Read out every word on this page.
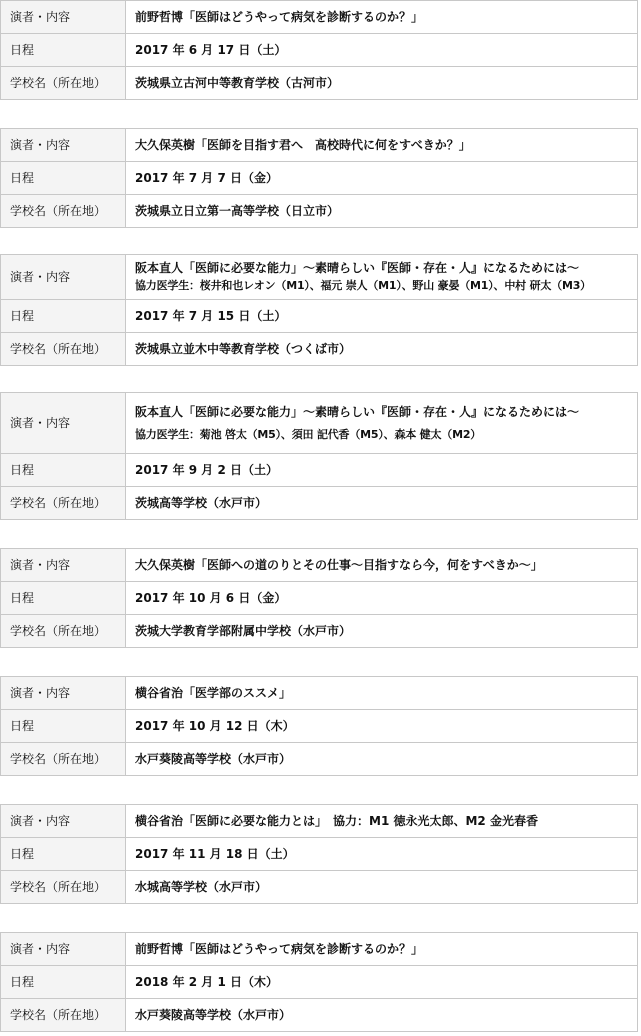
演者・内容	前野哲博「医師はどうやって病気を診断するのか？」

日程	2017 年 6 月 17 日（土）
学校名（所在地）	茨城県立古河中等教育学校（古河市）
演者・内容	大久保英樹「医師を目指す君へ　高校時代に何をすべきか？」

日程	2017 年 7 月 7 日（金）
学校名（所在地）	茨城県立日立第一高等学校（日立市）
演者・内容	阪本直人「医師に必要な能力」～素晴らしい『医師・存在・人』になるためには～
協力医学生：桜井和也レオン（M1）、福元 崇人（M1）、野山 豪晏（M1）、中村 研太（M3）

日程	2017 年 7 月 15 日（土）
学校名（所在地）	茨城県立並木中等教育学校（つくば市）
演者・内容	阪本直人「医師に必要な能力」～素晴らしい『医師・存在・人』になるためには～
協力医学生：菊池 啓太（M5）、須田 記代香（M5）、森本 健太（M2）

日程	2017 年 9 月 2 日（土）
学校名（所在地）	茨城高等学校（水戸市）
演者・内容	大久保英樹「医師への道のりとその仕事～目指すなら今，何をすべきか～」

日程	2017 年 10 月 6 日（金）
学校名（所在地）	茨城大学教育学部附属中学校（水戸市）
演者・内容	横谷省治「医学部のススメ」

日程	2017 年 10 月 12 日（木）
学校名（所在地）	水戸葵陵高等学校（水戸市）
演者・内容	横谷省治「医師に必要な能力とは」　協力：M1 徳永光太郎、M2 金光春香

日程	2017 年 11 月 18 日（土）
学校名（所在地）	水城高等学校（水戸市）
演者・内容	前野哲博「医師はどうやって病気を診断するのか？」

日程	2018 年 2 月 1 日（木）
学校名（所在地）	水戸葵陵高等学校（水戸市）
